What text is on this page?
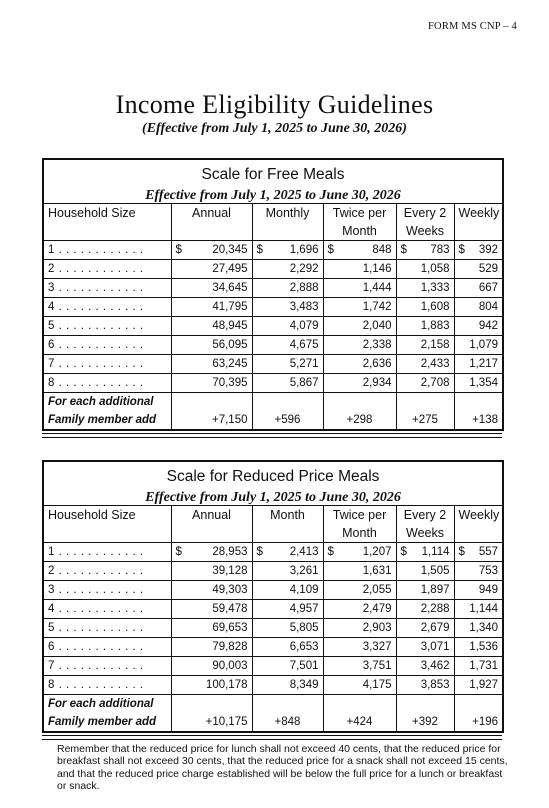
FORM MS CNP – 4
Income Eligibility Guidelines
(Effective from July 1, 2025 to June 30, 2026)
Scale for Free Meals					
Effective from July 1, 2025 to June 30, 2026					
Household Size	Annual	Monthly	Twice per Month	Every 2 Weeks	Weekly
1 . . . . . . . . . . . .	$ 20,345	$ 1,696	$ 848	$ 783	$ 392

2 . . . . . . . . . . . .	27,495	2,292	1,146	1,058	529

3 . . . . . . . . . . . .	34,645	2,888	1,444	1,333	667

4 . . . . . . . . . . . .	41,795	3,483	1,742	1,608	804

5 . . . . . . . . . . . .	48,945	4,079	2,040	1,883	942

6 . . . . . . . . . . . .	56,095	4,675	2,338	2,158	1,079

7 . . . . . . . . . . . .	63,245	5,271	2,636	2,433	1,217

8 . . . . . . . . . . . .	70,395	5,867	2,934	2,708	1,354

For each additional Family member add	+7,150	+596	+298	+275	+138
Scale for Reduced Price Meals					
Effective from July 1, 2025 to June 30, 2026					
Household Size	Annual	Month	Twice per Month	Every 2 Weeks	Weekly
1 . . . . . . . . . . . .	$ 28,953	$ 2,413	$ 1,207	$ 1,114	$ 557

2 . . . . . . . . . . . .	39,128	3,261	1,631	1,505	753

3 . . . . . . . . . . . .	49,303	4,109	2,055	1,897	949

4 . . . . . . . . . . . .	59,478	4,957	2,479	2,288	1,144

5 . . . . . . . . . . . .	69,653	5,805	2,903	2,679	1,340

6 . . . . . . . . . . . .	79,828	6,653	3,327	3,071	1,536

7 . . . . . . . . . . . .	90,003	7,501	3,751	3,462	1,731

8 . . . . . . . . . . . .	100,178	8,349	4,175	3,853	1,927

For each additional Family member add	+10,175	+848	+424	+392	+196
Remember that the reduced price for lunch shall not exceed 40 cents, that the reduced price for breakfast shall not exceed 30 cents, that the reduced price for a snack shall not exceed 15 cents, and that the reduced price charge established will be below the full price for a lunch or breakfast or snack.
